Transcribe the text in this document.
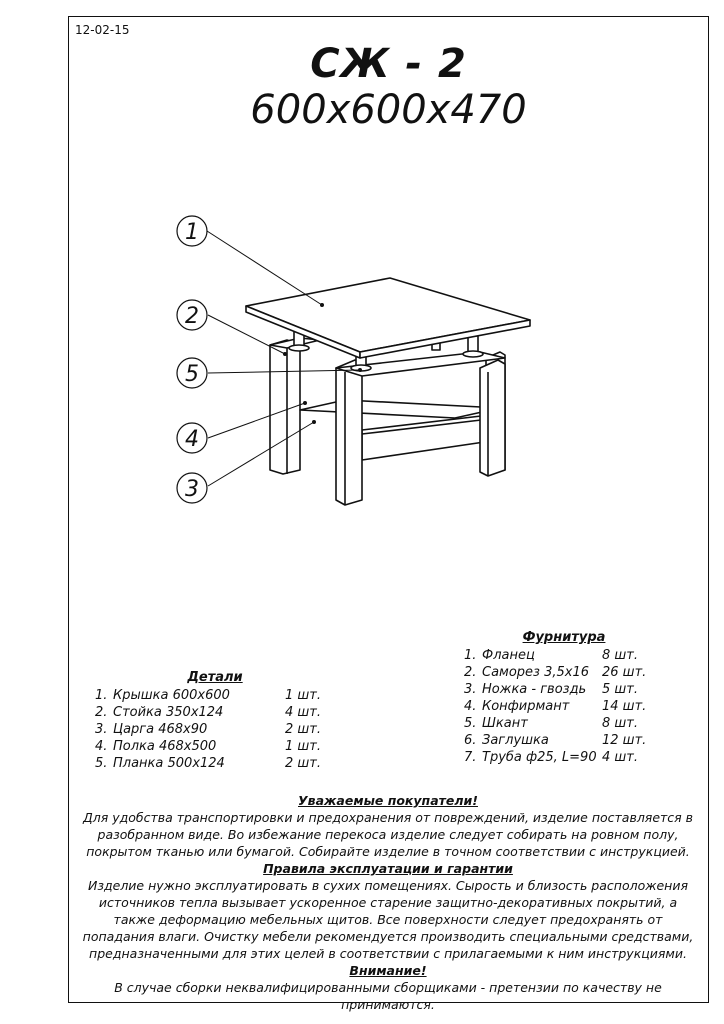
12-02-15
СЖ - 2
600x600x470
1
2
5
4
3
Детали
1. Крышка 600x600	1 шт.
2. Стойка 350x124	4 шт.
3. Царга 468x90	2 шт.
4. Полка 468x500	1 шт.
5. Планка 500x124	2 шт.
Фурнитура
1. Фланец	8 шт.
2. Саморез 3,5x16 26 шт.
3. Ножка - гвоздь	5 шт.
4. Конфирмант	14 шт.
5. Шкант	8 шт.
6. Заглушка	12 шт.
7. Труба ф25, L=90 4 шт.
Уважаемые покупатели!
Для удобства транспортировки и предохранения от повреждений, изделие поставляется в разобранном виде. Во избежание перекоса изделие следует собирать на ровном полу, покрытом тканью или бумагой. Собирайте изделие в точном соответствии с инструкцией.
Правила эксплуатации и гарантии
Изделие нужно эксплуатировать в сухих помещениях. Сырость и близость расположения источников тепла вызывает ускоренное старение защитно-декоративных покрытий, а также деформацию мебельных щитов. Все поверхности следует предохранять от попадания влаги. Очистку мебели рекомендуется производить специальными средствами, предназначенными для этих целей в соответствии с прилагаемыми к ним инструкциями.
Внимание!
В случае сборки неквалифицированными сборщиками - претензии по качеству не принимаются.
